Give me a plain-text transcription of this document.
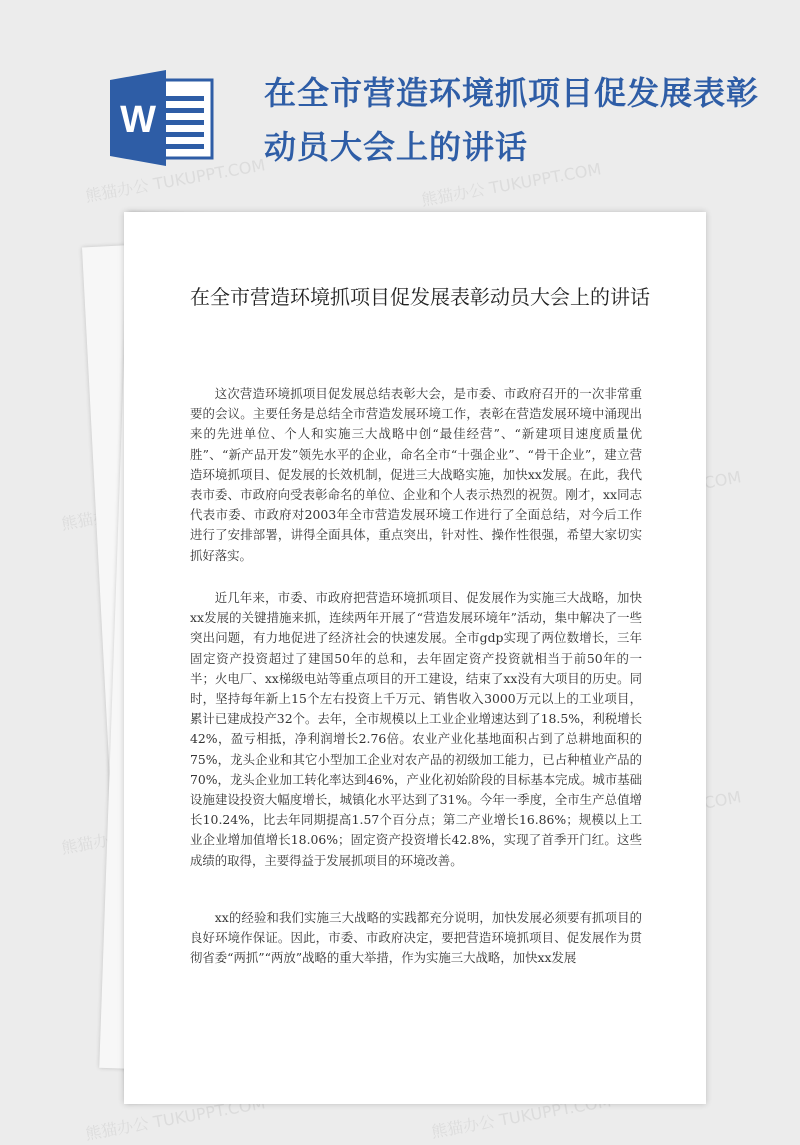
W
在全市营造环境抓项目促发展表彰动员大会上的讲话
熊猫办公 TUKUPPT.COM	熊猫办公 TUKUPPT.COM
熊猫办公
熊猫办公
熊猫办公 TUKUPPT.COM	熊猫办公 TUKUPPT.COM
在全市营造环境抓项目促发展表彰动员大会上的讲话

这次营造环境抓项目促发展总结表彰大会，是市委、市政府召开的一次非常重要的会议。主要任务是总结全市营造发展环境工作，表彰在营造发展环境中涌现出来的先进单位、个人和实施三大战略中创“最佳经营”、“新建项目速度质量优胜”、“新产品开发”领先水平的企业，命名全市“十强企业”、“骨干企业”，建立营造环境抓项目、促发展的长效机制，促进三大战略实施，加快xx发展。在此，我代表市委、市政府向受表彰命名的单位、企业和个人表示热烈的祝贺。刚才，xx同志代表市委、市政府对2003年全市营造发展环境工作进行了全面总结，对今后工作进行了安排部署，讲得全面具体，重点突出，针对性、操作性很强，希望大家切实抓好落实。

近几年来，市委、市政府把营造环境抓项目、促发展作为实施三大战略，加快xx发展的关键措施来抓，连续两年开展了“营造发展环境年”活动，集中解决了一些突出问题，有力地促进了经济社会的快速发展。全市gdp实现了两位数增长，三年固定资产投资超过了建国50年的总和，去年固定资产投资就相当于前50年的一半；火电厂、xx梯级电站等重点项目的开工建设，结束了xx没有大项目的历史。同时，坚持每年新上15个左右投资上千万元、销售收入3000万元以上的工业项目，累计已建成投产32个。去年，全市规模以上工业企业增速达到了18.5%，利税增长42%，盈亏相抵，净利润增长2.76倍。农业产业化基地面积占到了总耕地面积的75%，龙头企业和其它小型加工企业对农产品的初级加工能力，已占种植业产品的70%，龙头企业加工转化率达到46%，产业化初始阶段的目标基本完成。城市基础设施建设投资大幅度增长，城镇化水平达到了31%。今年一季度，全市生产总值增长10.24%，比去年同期提高1.57个百分点；第二产业增长16.86%；规模以上工业企业增加值增长18.06%；固定资产投资增长42.8%，实现了首季开门红。这些成绩的取得，主要得益于发展抓项目的环境改善。

xx的经验和我们实施三大战略的实践都充分说明，加快发展必须要有抓项目的良好环境作保证。因此，市委、市政府决定，要把营造环境抓项目、促发展作为贯彻省委“两抓”“两放”战略的重大举措，作为实施三大战略，加快xx发展
